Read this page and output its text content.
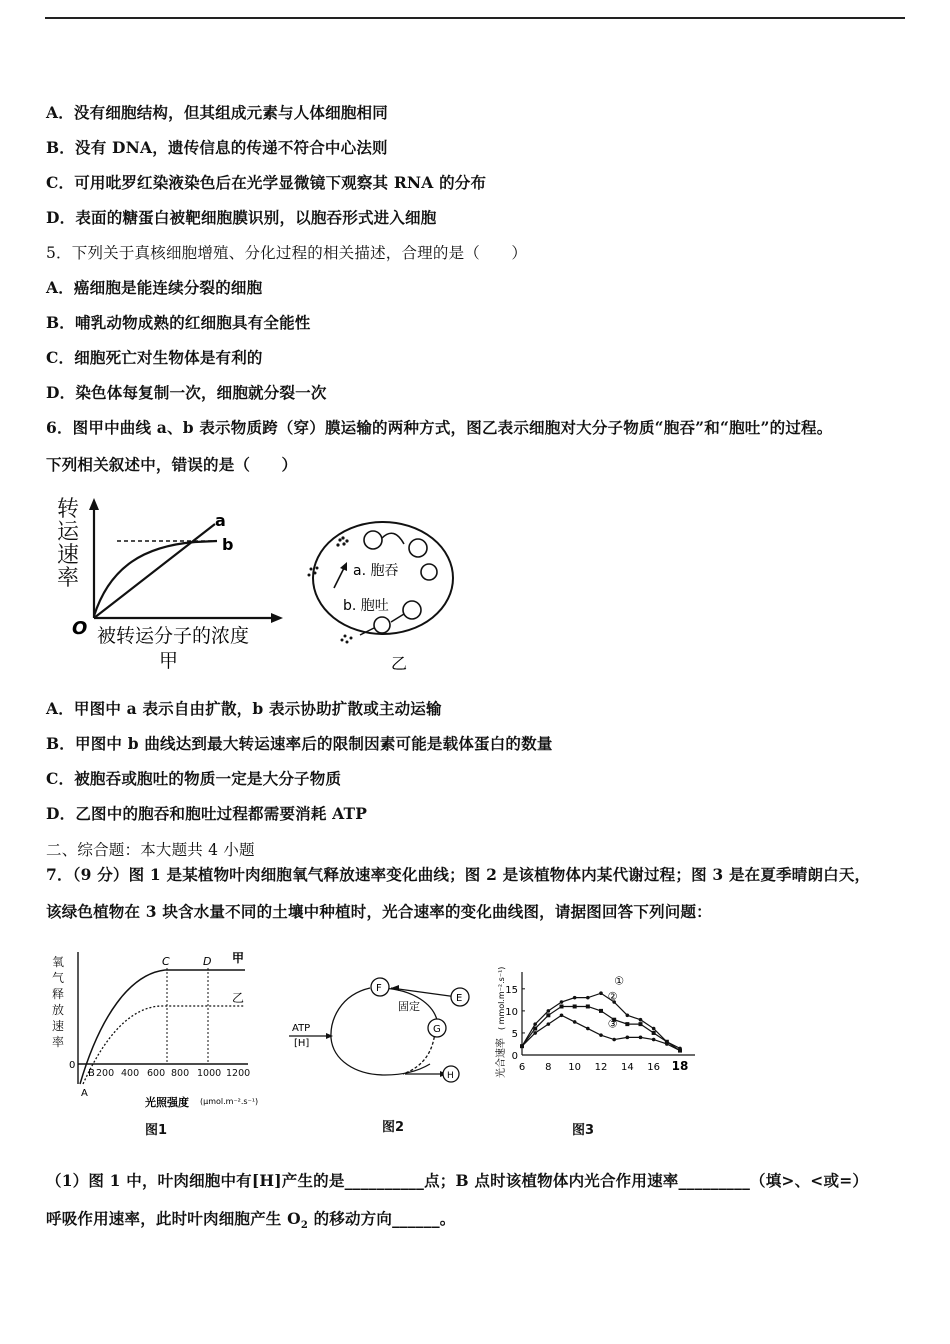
A．没有细胞结构，但其组成元素与人体细胞相同
B．没有 DNA，遗传信息的传递不符合中心法则
C．可用吡罗红染液染色后在光学显微镜下观察其 RNA 的分布
D．表面的糖蛋白被靶细胞膜识别，以胞吞形式进入细胞
5．下列关于真核细胞增殖、分化过程的相关描述，合理的是（　　）
A．癌细胞是能连续分裂的细胞
B．哺乳动物成熟的红细胞具有全能性
C．细胞死亡对生物体是有利的
D．染色体每复制一次，细胞就分裂一次
6．图甲中曲线 a、b 表示物质跨（穿）膜运输的两种方式，图乙表示细胞对大分子物质“胞吞”和“胞吐”的过程。
下列相关叙述中，错误的是（　　）
转
运
速
率
a
b
O 被转运分子的浓度
甲
a. 胞吞
b. 胞吐
乙
A．甲图中 a 表示自由扩散，b 表示协助扩散或主动运输
B．甲图中 b 曲线达到最大转运速率后的限制因素可能是载体蛋白的数量
C．被胞吞或胞吐的物质一定是大分子物质
D．乙图中的胞吞和胞吐过程都需要消耗 ATP
二、综合题：本大题共 4 小题
7．（9 分）图 1 是某植物叶肉细胞氧气释放速率变化曲线；图 2 是该植物体内某代谢过程；图 3 是在夏季晴朗白天，
该绿色植物在 3 块含水量不同的土壤中种植时，光合速率的变化曲线图，请据图回答下列问题：
氧
气
释
放
速
率
0
C	D 甲
乙
B
A
200 400 600 800 1000 1200
光照强度 (μmol.m⁻².s⁻¹)
图1
ATP
[H]
F
E
G
H
固定
图2
光合速率
( mmol.m⁻².s⁻¹)
0
5
10
15
6 8 10 12 14 16 18
①
②
③
图3
（1）图 1 中，叶肉细胞中有[H]产生的是__________点；B 点时该植物体内光合作用速率_________（填>、<或=）
呼吸作用速率，此时叶肉细胞产生 $O_2$ 的移动方向______。
